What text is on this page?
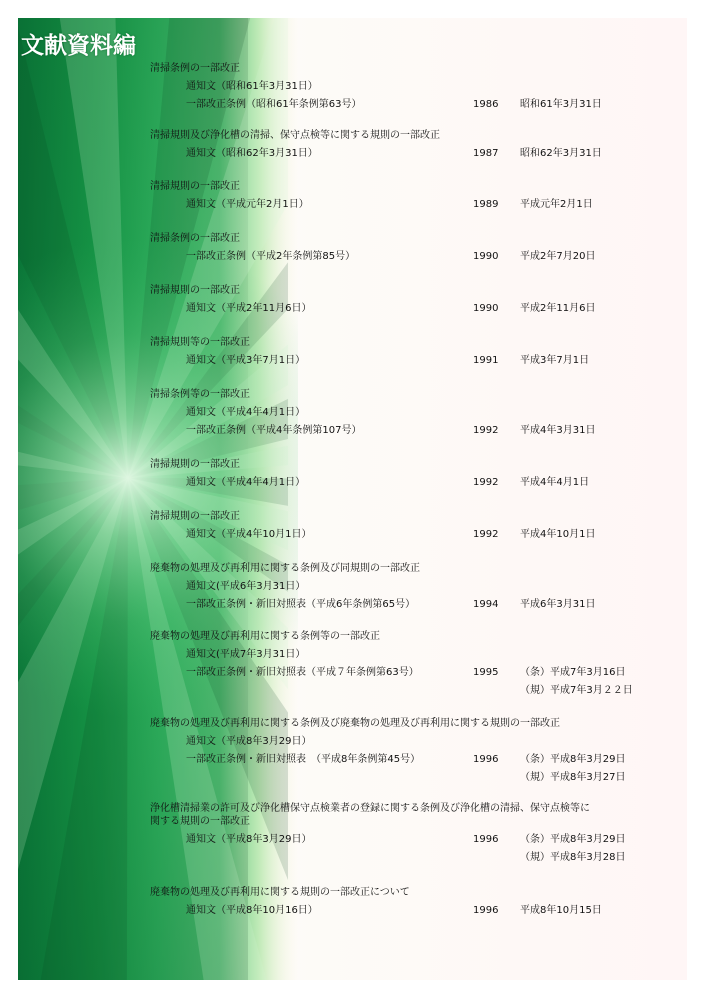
文献資料編
清掃条例の一部改正
通知文（昭和61年3月31日）
一部改正条例（昭和61年条例第63号）	1986 昭和61年3月31日
清掃規則及び浄化槽の清掃、保守点検等に関する規則の一部改正
通知文（昭和62年3月31日）	1987 昭和62年3月31日
清掃規則の一部改正
通知文（平成元年2月1日）	1989 平成元年2月1日
清掃条例の一部改正
一部改正条例（平成2年条例第85号）	1990 平成2年7月20日
清掃規則の一部改正
通知文（平成2年11月6日）	1990 平成2年11月6日
清掃規則等の一部改正
通知文（平成3年7月1日）	1991 平成3年7月1日
清掃条例等の一部改正
通知文（平成4年4月1日）
一部改正条例（平成4年条例第107号）	1992 平成4年3月31日
清掃規則の一部改正
通知文（平成4年4月1日）	1992 平成4年4月1日
清掃規則の一部改正
通知文（平成4年10月1日）	1992 平成4年10月1日
廃棄物の処理及び再利用に関する条例及び同規則の一部改正
通知文(平成6年3月31日）
一部改正条例・新旧対照表（平成6年条例第65号）	1994 平成6年3月31日
廃棄物の処理及び再利用に関する条例等の一部改正
通知文(平成7年3月31日）
一部改正条例・新旧対照表（平成７年条例第63号）	1995 （条）平成7年3月16日
（規）平成7年3月２２日
廃棄物の処理及び再利用に関する条例及び廃棄物の処理及び再利用に関する規則の一部改正
通知文（平成8年3月29日）
一部改正条例・新旧対照表　（平成8年条例第45号）	1996 （条）平成8年3月29日
（規）平成8年3月27日
浄化槽清掃業の許可及び浄化槽保守点検業者の登録に関する条例及び浄化槽の清掃、保守点検等に
関する規則の一部改正
通知文（平成8年3月29日）	1996 （条）平成8年3月29日
（規）平成8年3月28日
廃棄物の処理及び再利用に関する規則の一部改正について
通知文（平成8年10月16日）	1996 平成8年10月15日
